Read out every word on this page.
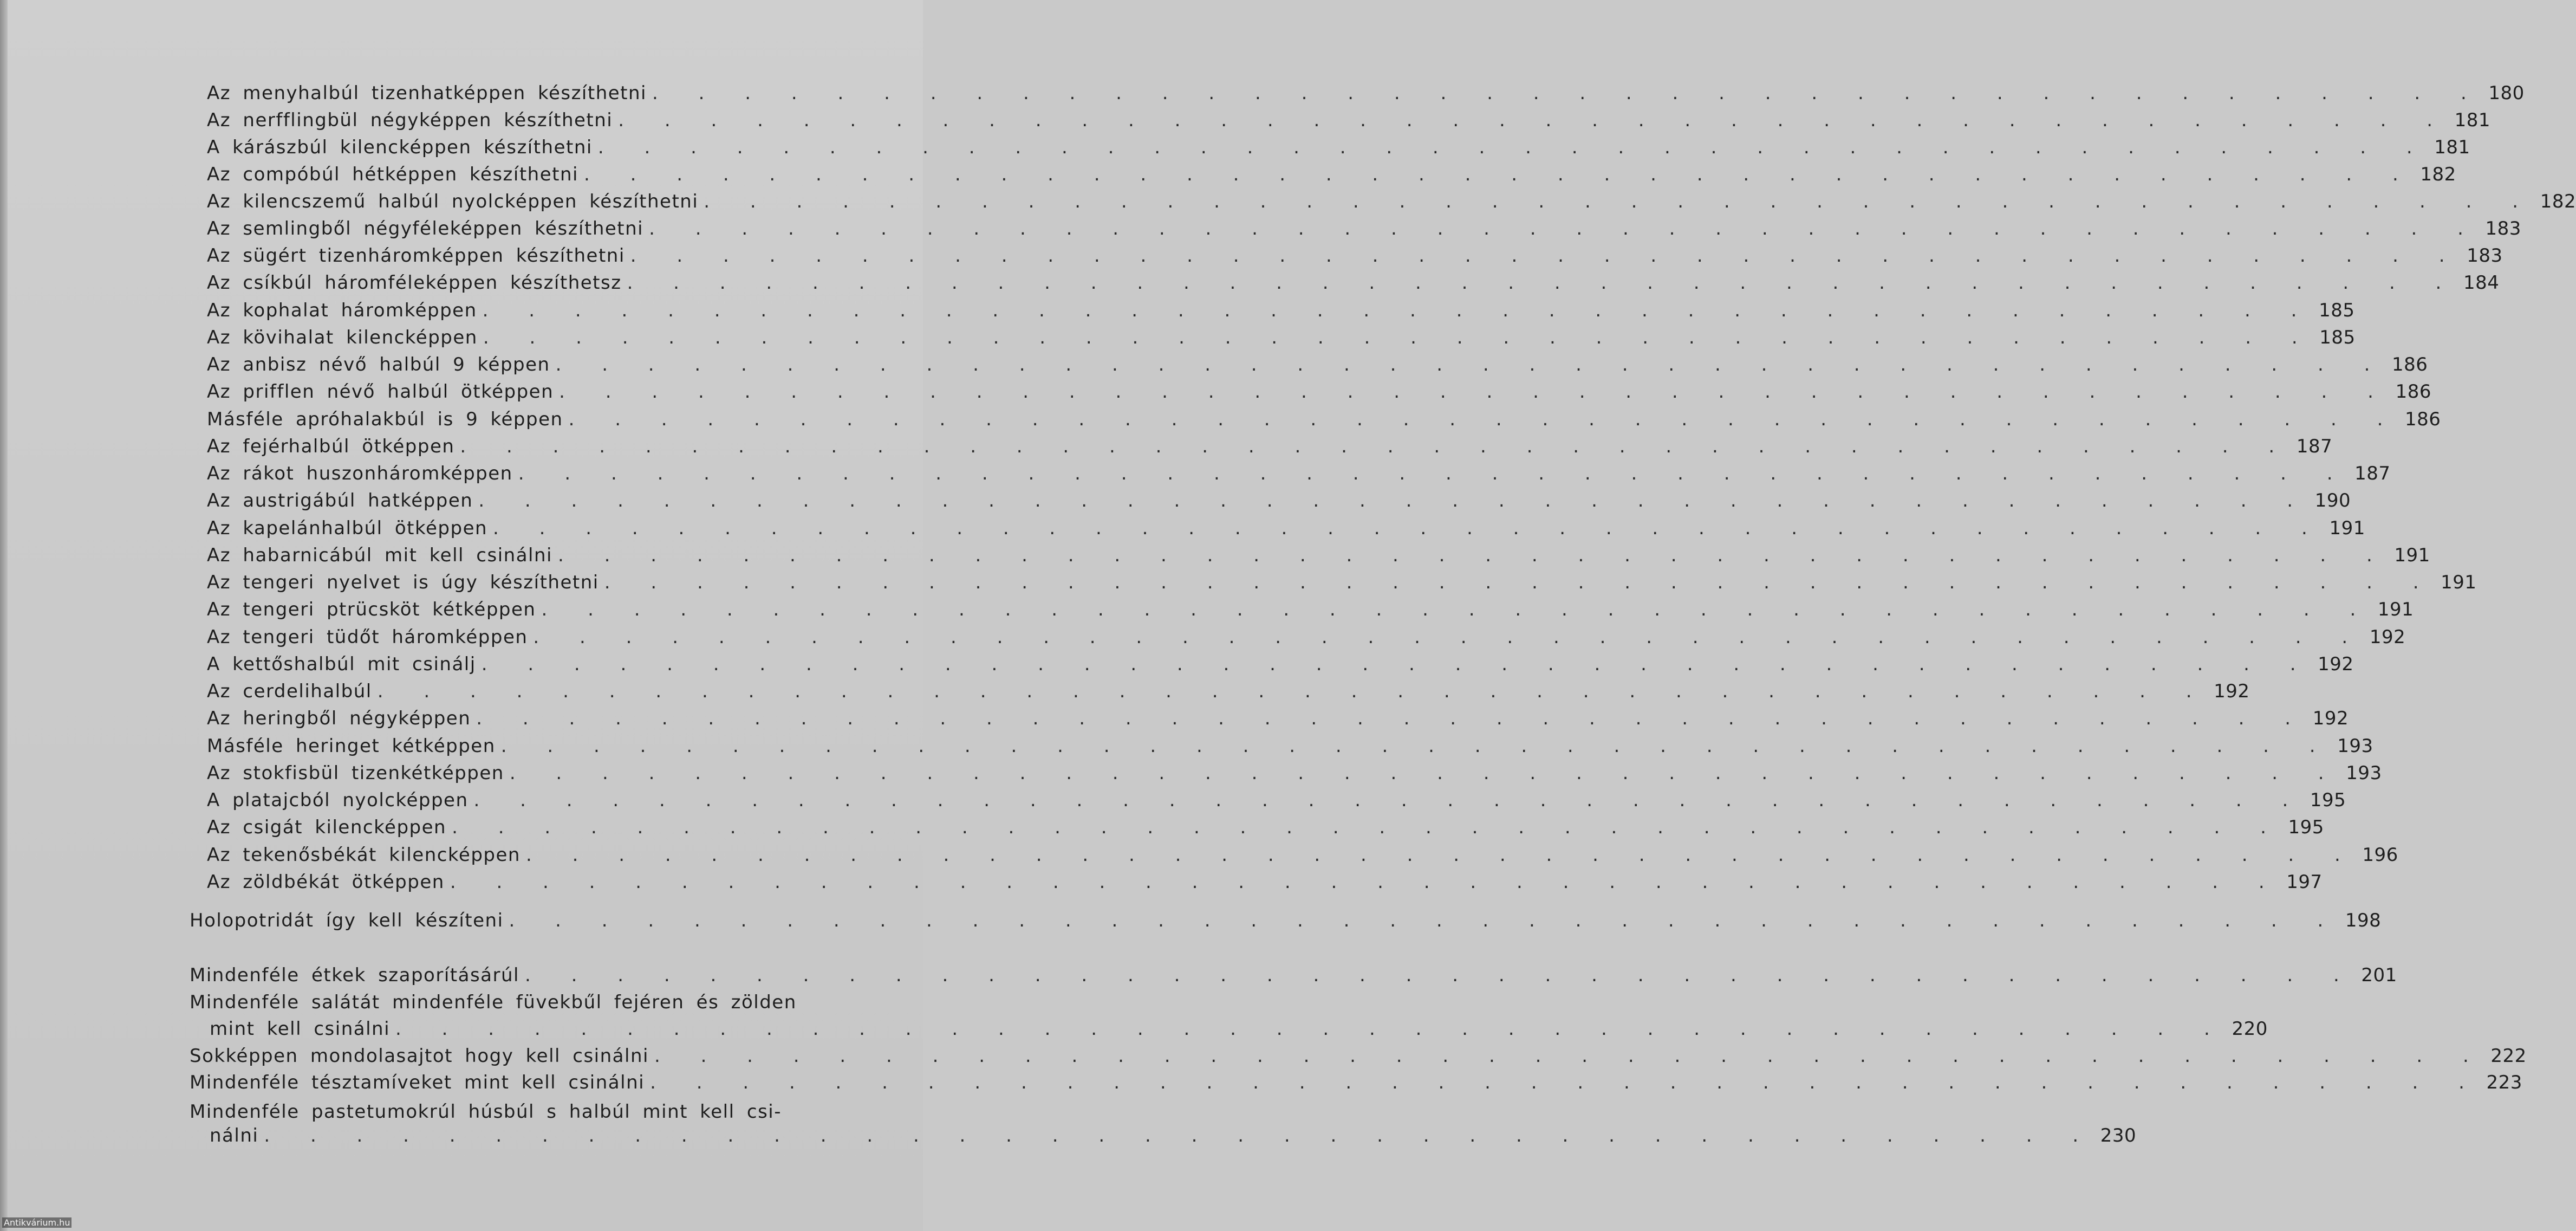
Az menyhalbúl tizenhatképpen készíthetni . . . . . . . . . . . . . . . . . . . . . . . . . . . . . . . . . . . . . . . . 180
Az nerfflingbül négyképpen készíthetni . . . . . . . . . . . . . . . . . . . . . . . . . . . . . . . . . . . . . . . . 181
A kárászbúl kilencképpen készíthetni . . . . . . . . . . . . . . . . . . . . . . . . . . . . . . . . . . . . . . . . 181
Az compóbúl hétképpen készíthetni . . . . . . . . . . . . . . . . . . . . . . . . . . . . . . . . . . . . . . . . 182
Az kilencszemű halbúl nyolcképpen készíthetni . . . . . . . . . . . . . . . . . . . . . . . . . . . . . . . . . . . . . . . . 182
Az semlingből négyféleképpen készíthetni . . . . . . . . . . . . . . . . . . . . . . . . . . . . . . . . . . . . . . . . 183
Az sügért tizenháromképpen készíthetni . . . . . . . . . . . . . . . . . . . . . . . . . . . . . . . . . . . . . . . . 183
Az csíkbúl háromféleképpen készíthetsz . . . . . . . . . . . . . . . . . . . . . . . . . . . . . . . . . . . . . . . . 184
Az kophalat háromképpen . . . . . . . . . . . . . . . . . . . . . . . . . . . . . . . . . . . . . . . . 185
Az kövihalat kilencképpen . . . . . . . . . . . . . . . . . . . . . . . . . . . . . . . . . . . . . . . . 185
Az anbisz névő halbúl 9 képpen . . . . . . . . . . . . . . . . . . . . . . . . . . . . . . . . . . . . . . . . 186
Az prifflen névő halbúl ötképpen . . . . . . . . . . . . . . . . . . . . . . . . . . . . . . . . . . . . . . . . 186
Másféle apróhalakbúl is 9 képpen . . . . . . . . . . . . . . . . . . . . . . . . . . . . . . . . . . . . . . . . 186
Az fejérhalbúl ötképpen . . . . . . . . . . . . . . . . . . . . . . . . . . . . . . . . . . . . . . . . 187
Az rákot huszonháromképpen . . . . . . . . . . . . . . . . . . . . . . . . . . . . . . . . . . . . . . . . 187
Az austrigábúl hatképpen . . . . . . . . . . . . . . . . . . . . . . . . . . . . . . . . . . . . . . . . 190
Az kapelánhalbúl ötképpen . . . . . . . . . . . . . . . . . . . . . . . . . . . . . . . . . . . . . . . . 191
Az habarnicábúl mit kell csinálni . . . . . . . . . . . . . . . . . . . . . . . . . . . . . . . . . . . . . . . . 191
Az tengeri nyelvet is úgy készíthetni . . . . . . . . . . . . . . . . . . . . . . . . . . . . . . . . . . . . . . . . 191
Az tengeri ptrücsköt kétképpen . . . . . . . . . . . . . . . . . . . . . . . . . . . . . . . . . . . . . . . . 191
Az tengeri tüdőt háromképpen . . . . . . . . . . . . . . . . . . . . . . . . . . . . . . . . . . . . . . . . 192
A kettőshalbúl mit csinálj . . . . . . . . . . . . . . . . . . . . . . . . . . . . . . . . . . . . . . . . 192
Az cerdelihalbúl . . . . . . . . . . . . . . . . . . . . . . . . . . . . . . . . . . . . . . . . 192
Az heringből négyképpen . . . . . . . . . . . . . . . . . . . . . . . . . . . . . . . . . . . . . . . . 192
Másféle heringet kétképpen . . . . . . . . . . . . . . . . . . . . . . . . . . . . . . . . . . . . . . . . 193
Az stokfisbül tizenkétképpen . . . . . . . . . . . . . . . . . . . . . . . . . . . . . . . . . . . . . . . . 193
A platajcból nyolcképpen . . . . . . . . . . . . . . . . . . . . . . . . . . . . . . . . . . . . . . . . 195
Az csigát kilencképpen . . . . . . . . . . . . . . . . . . . . . . . . . . . . . . . . . . . . . . . . 195
Az tekenősbékát kilencképpen . . . . . . . . . . . . . . . . . . . . . . . . . . . . . . . . . . . . . . . . 196
Az zöldbékát ötképpen . . . . . . . . . . . . . . . . . . . . . . . . . . . . . . . . . . . . . . . . 197
Holopotridát így kell készíteni . . . . . . . . . . . . . . . . . . . . . . . . . . . . . . . . . . . . . . . . 198
Mindenféle étkek szaporításárúl . . . . . . . . . . . . . . . . . . . . . . . . . . . . . . . . . . . . . . . . 201
Mindenféle salátát mindenféle füvekbűl fejéren és zölden
mint kell csinálni . . . . . . . . . . . . . . . . . . . . . . . . . . . . . . . . . . . . . . . . 220
Sokképpen mondolasajtot hogy kell csinálni . . . . . . . . . . . . . . . . . . . . . . . . . . . . . . . . . . . . . . . . 222
Mindenféle tésztamíveket mint kell csinálni . . . . . . . . . . . . . . . . . . . . . . . . . . . . . . . . . . . . . . . . 223
Mindenféle pastetumokrúl húsbúl s halbúl mint kell csi-
nálni . . . . . . . . . . . . . . . . . . . . . . . . . . . . . . . . . . . . . . . . 230
Antikvárium.hu
